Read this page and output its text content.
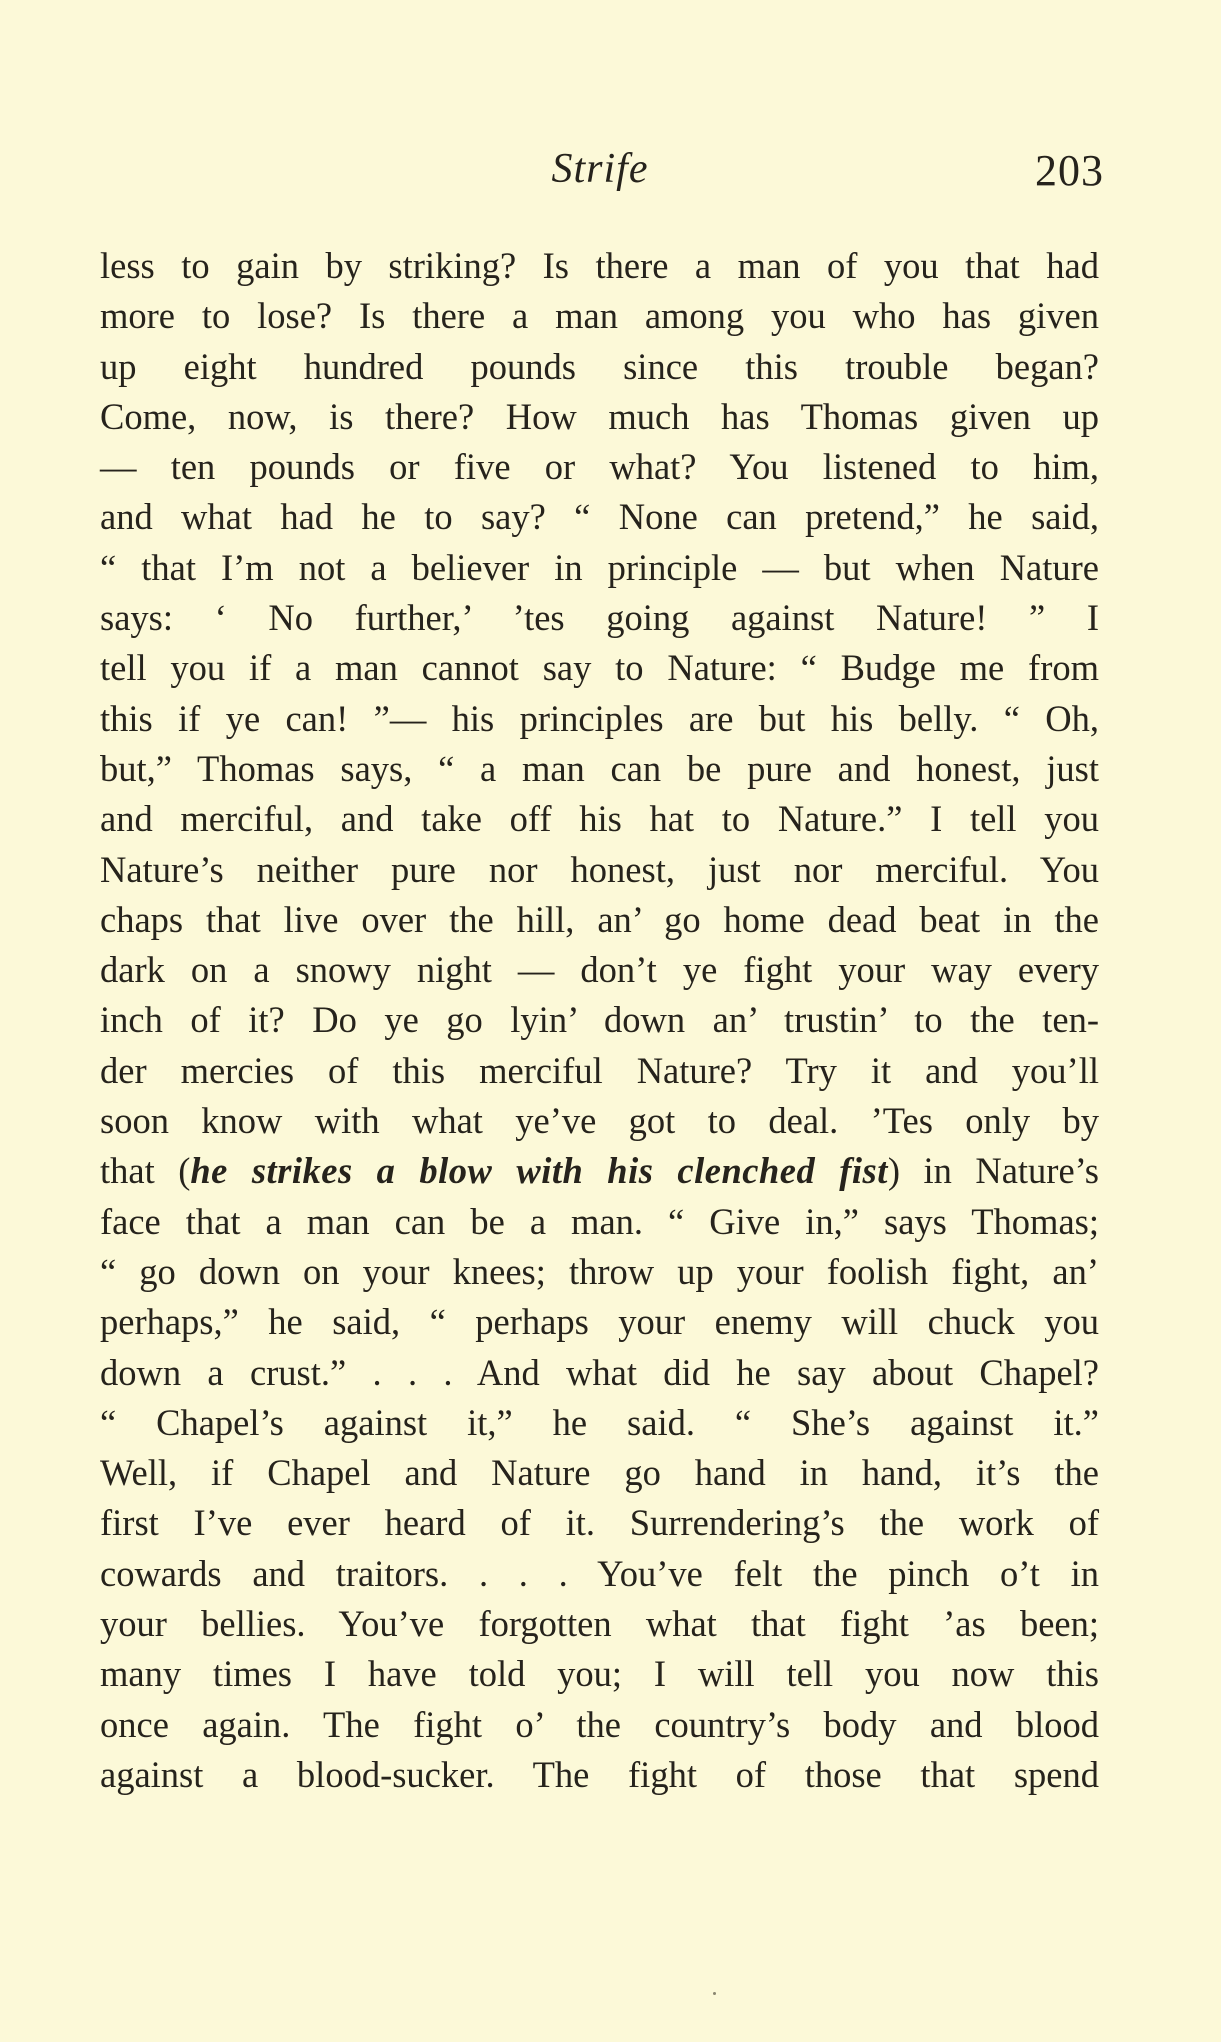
Strife	203
less to gain by striking? Is there a man of you that had
more to lose? Is there a man among you who has given
up eight hundred pounds since this trouble began?
Come, now, is there? How much has Thomas given up
— ten pounds or five or what? You listened to him,
and what had he to say? “ None can pretend,” he said,
“ that I’m not a believer in principle — but when Nature
says: ‘ No further,’ ’tes going against Nature! ” I
tell you if a man cannot say to Nature: “ Budge me from
this if ye can! ”— his principles are but his belly. “ Oh,
but,” Thomas says, “ a man can be pure and honest, just
and merciful, and take off his hat to Nature.” I tell you
Nature’s neither pure nor honest, just nor merciful. You
chaps that live over the hill, an’ go home dead beat in the
dark on a snowy night — don’t ye fight your way every
inch of it? Do ye go lyin’ down an’ trustin’ to the ten-
der mercies of this merciful Nature? Try it and you’ll
soon know with what ye’ve got to deal. ’Tes only by
that (he strikes a blow with his clenched fist) in Nature’s
face that a man can be a man. “ Give in,” says Thomas;
“ go down on your knees; throw up your foolish fight, an’
perhaps,” he said, “ perhaps your enemy will chuck you
down a crust.” . . . And what did he say about Chapel?
“ Chapel’s against it,” he said. “ She’s against it.”
Well, if Chapel and Nature go hand in hand, it’s the
first I’ve ever heard of it. Surrendering’s the work of
cowards and traitors. . . . You’ve felt the pinch o’t in
your bellies. You’ve forgotten what that fight ’as been;
many times I have told you; I will tell you now this
once again. The fight o’ the country’s body and blood
against a blood-sucker. The fight of those that spend
